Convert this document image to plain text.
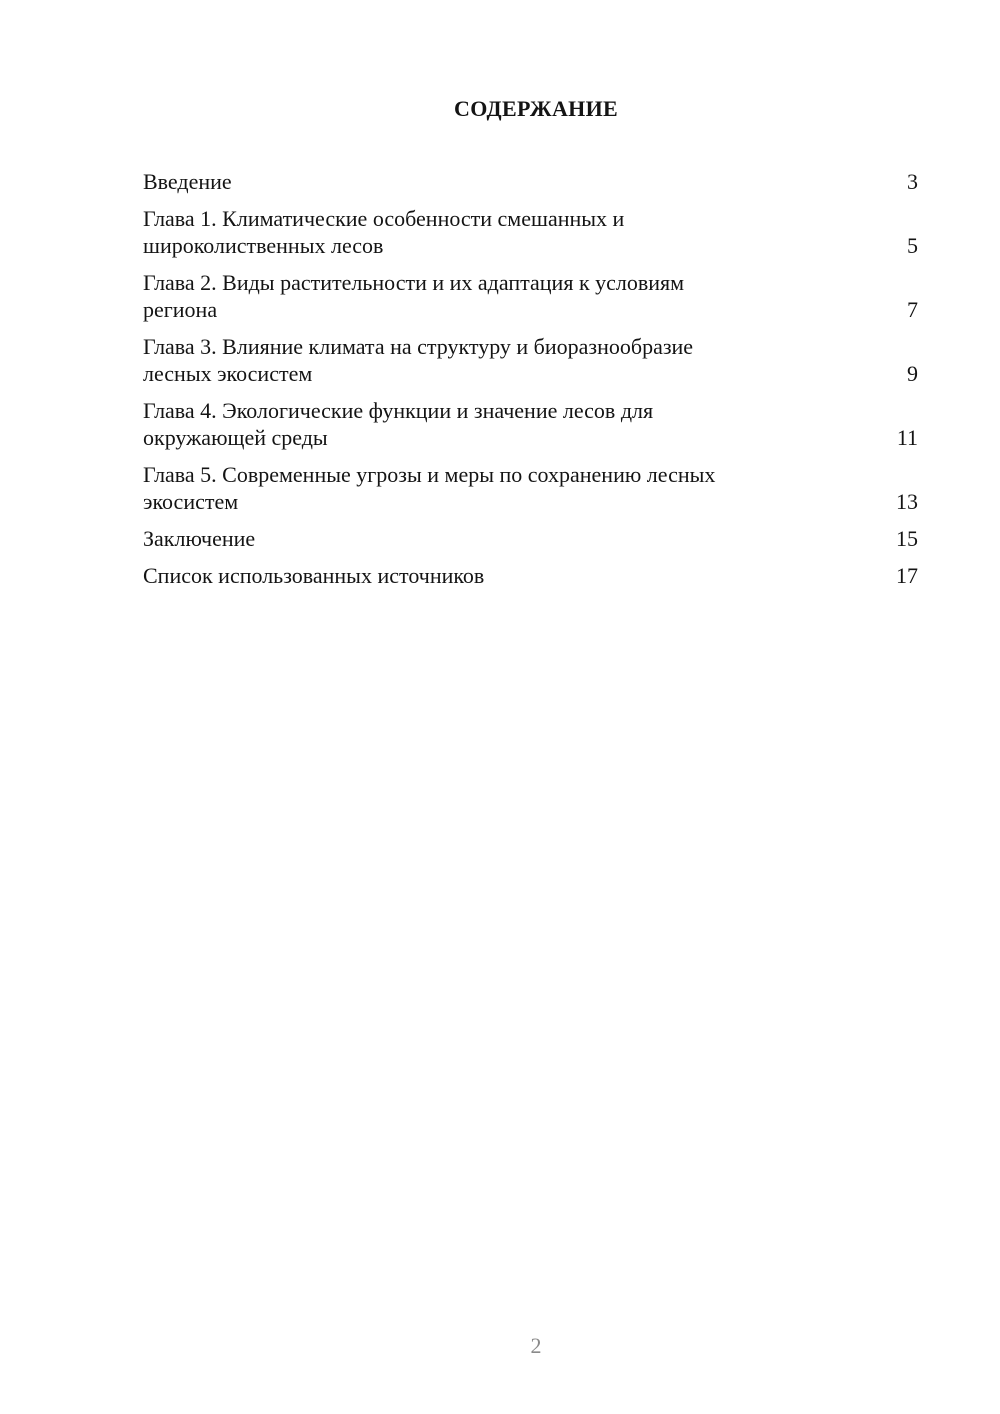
СОДЕРЖАНИЕ
Введение	3
Глава 1. Климатические особенности смешанных и
широколиственных лесов	5
Глава 2. Виды растительности и их адаптация к условиям
региона	7
Глава 3. Влияние климата на структуру и биоразнообразие
лесных экосистем	9
Глава 4. Экологические функции и значение лесов для
окружающей среды	11
Глава 5. Современные угрозы и меры по сохранению лесных
экосистем	13
Заключение	15
Список использованных источников	17
2
